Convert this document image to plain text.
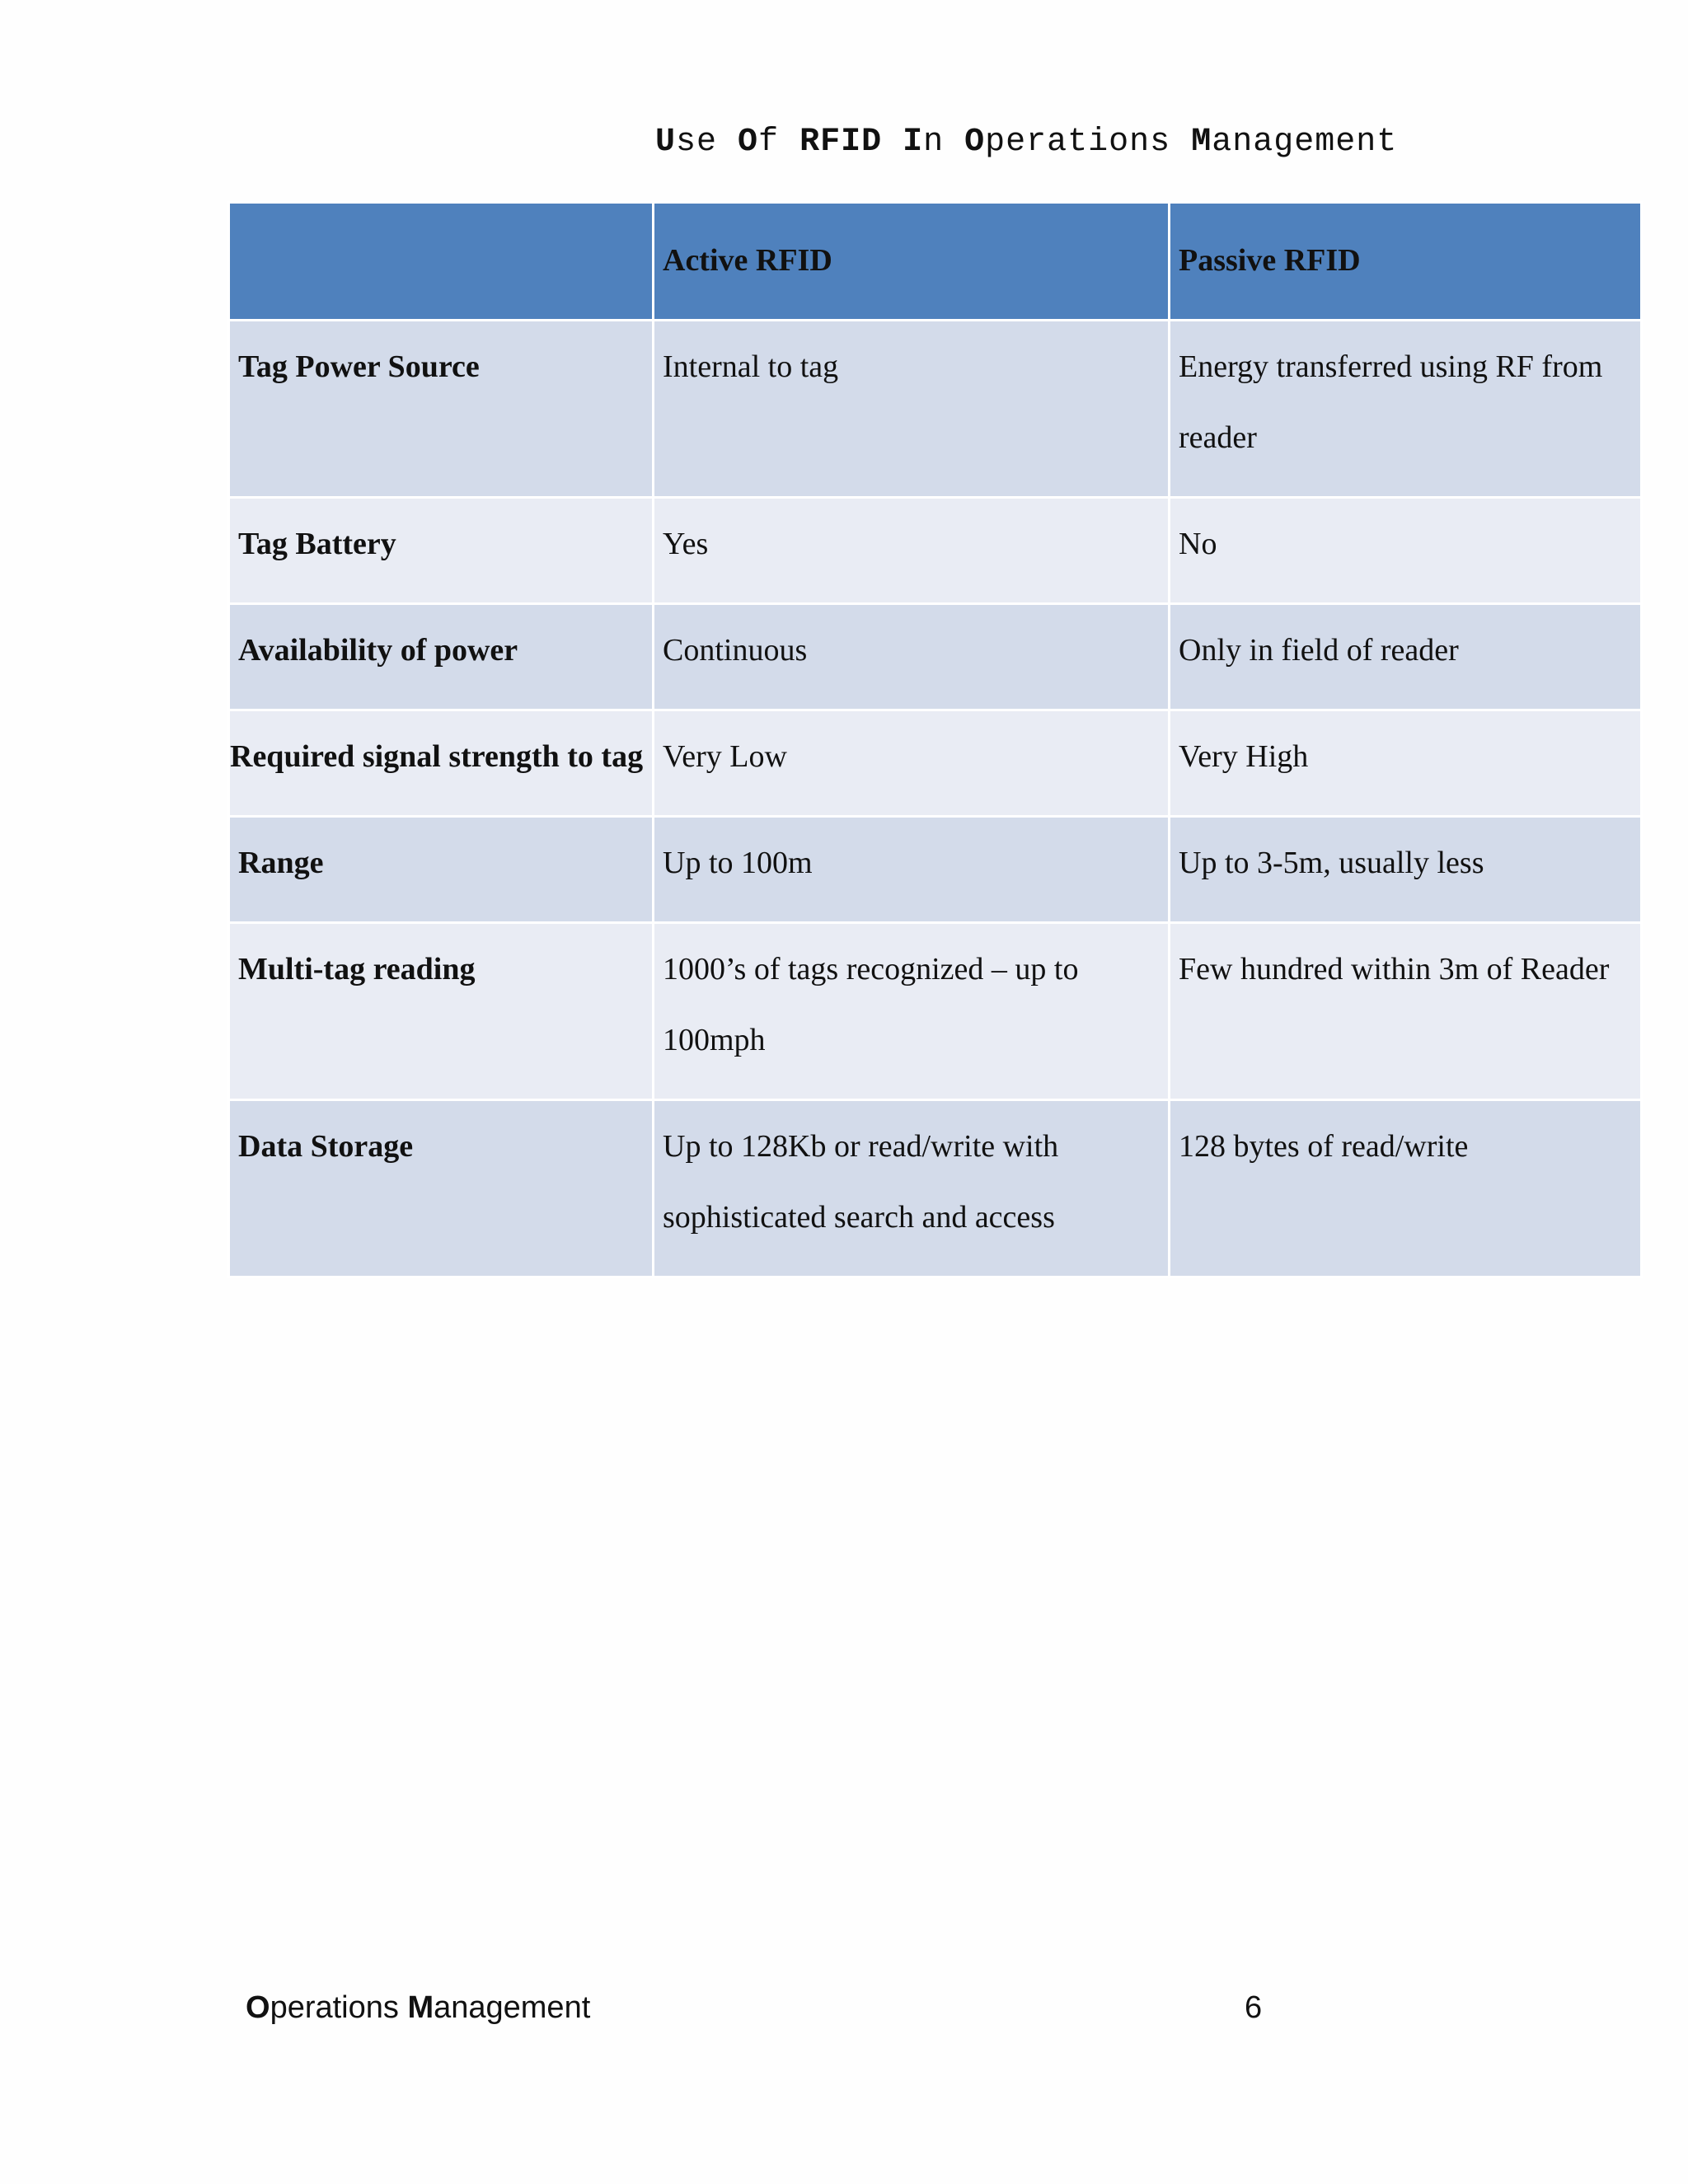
Use Of RFID In Operations Management
	Active RFID	Passive RFID
Tag Power Source	Internal to tag	Energy transferred using RF from reader
Tag Battery	Yes	No
Availability of power	Continuous	Only in field of reader
Required signal strength to tag	Very Low	Very High
Range	Up to 100m	Up to 3-5m, usually less
Multi-tag reading	1000’s of tags recognized – up to 100mph	Few hundred within 3m of Reader
Data Storage	Up to 128Kb or read/write with sophisticated search and access	128 bytes of read/write
Operations Management	6
